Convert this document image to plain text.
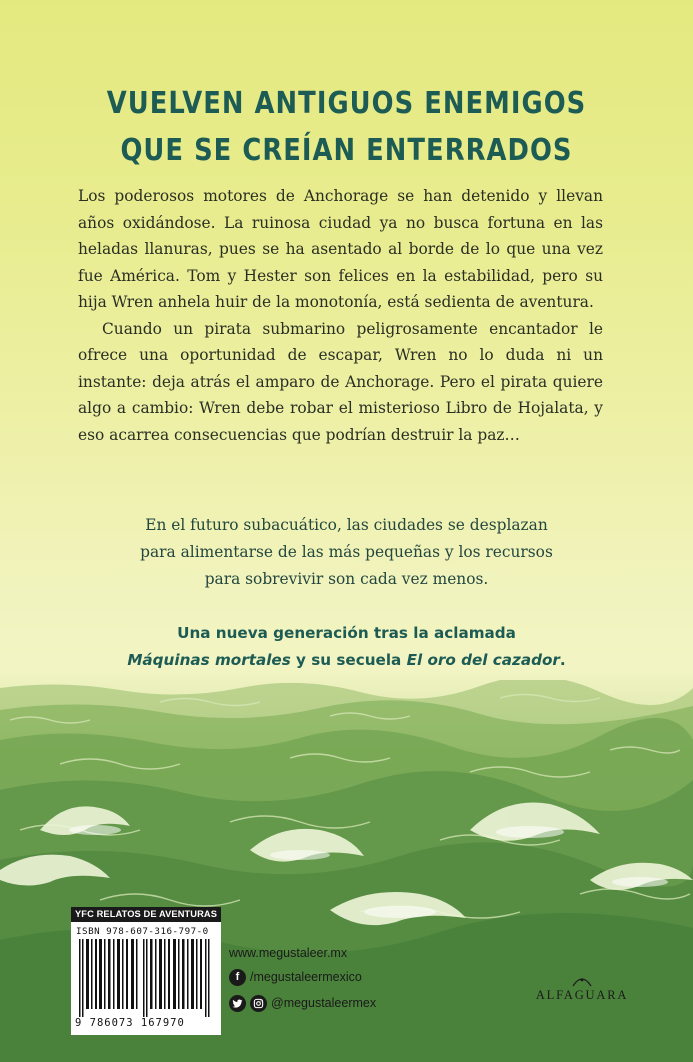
VUELVEN ANTIGUOS ENEMIGOS
QUE SE CREÍAN ENTERRADOS

Los poderosos motores de Anchorage se han detenido y llevan años oxidándose. La ruinosa ciudad ya no busca fortuna en las heladas llanuras, pues se ha asentado al borde de lo que una vez fue América. Tom y Hester son felices en la estabilidad, pero su hija Wren anhela huir de la monotonía, está sedienta de aventura.

Cuando un pirata submarino peligrosamente encantador le ofrece una oportunidad de escapar, Wren no lo duda ni un instante: deja atrás el amparo de Anchorage. Pero el pirata quiere algo a cambio: Wren debe robar el misterioso Libro de Hojalata, y eso acarrea consecuencias que podrían destruir la paz…

En el futuro subacuático, las ciudades se desplazan
para alimentarse de las más pequeñas y los recursos
para sobrevivir son cada vez menos.

Una nueva generación tras la aclamada
Máquinas mortales y su secuela El oro del cazador.

YFC RELATOS DE AVENTURAS
ISBN 978-607-316-797-0
9 786073 167970
www.megustaleer.mx
f /megustaleermexico
@megustaleermex
ALFAGUARA
